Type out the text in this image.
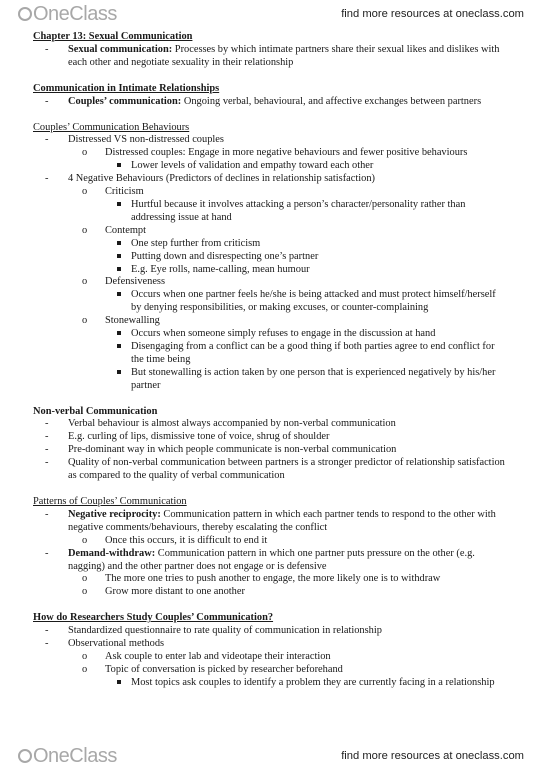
OneClass	find more resources at oneclass.com
Chapter 13: Sexual Communication
-	Sexual communication: Processes by which intimate partners share their sexual likes and dislikes with each other and negotiate sexuality in their relationship
Communication in Intimate Relationships
-	Couples’ communication: Ongoing verbal, behavioural, and affective exchanges between partners
Couples’ Communication Behaviours
-	Distressed VS non-distressed couples
o	Distressed couples: Engage in more negative behaviours and fewer positive behaviours
Lower levels of validation and empathy toward each other
-	4 Negative Behaviours (Predictors of declines in relationship satisfaction)
o	Criticism
Hurtful because it involves attacking a person’s character/personality rather than addressing issue at hand
o	Contempt
One step further from criticism
Putting down and disrespecting one’s partner
E.g. Eye rolls, name-calling, mean humour
o	Defensiveness
Occurs when one partner feels he/she is being attacked and must protect himself/herself by denying responsibilities, or making excuses, or counter-complaining
o	Stonewalling
Occurs when someone simply refuses to engage in the discussion at hand
Disengaging from a conflict can be a good thing if both parties agree to end conflict for the time being
But stonewalling is action taken by one person that is experienced negatively by his/her partner
Non-verbal Communication
-	Verbal behaviour is almost always accompanied by non-verbal communication
-	E.g. curling of lips, dismissive tone of voice, shrug of shoulder
-	Pre-dominant way in which people communicate is non-verbal communication
-	Quality of non-verbal communication between partners is a stronger predictor of relationship satisfaction as compared to the quality of verbal communication
Patterns of Couples’ Communication
-	Negative reciprocity: Communication pattern in which each partner tends to respond to the other with negative comments/behaviours, thereby escalating the conflict
o	Once this occurs, it is difficult to end it
-	Demand-withdraw: Communication pattern in which one partner puts pressure on the other (e.g. nagging) and the other partner does not engage or is defensive
o	The more one tries to push another to engage, the more likely one is to withdraw
o	Grow more distant to one another
How do Researchers Study Couples’ Communication?
-	Standardized questionnaire to rate quality of communication in relationship
-	Observational methods
o	Ask couple to enter lab and videotape their interaction
o	Topic of conversation is picked by researcher beforehand
Most topics ask couples to identify a problem they are currently facing in a relationship
OneClass	find more resources at oneclass.com
